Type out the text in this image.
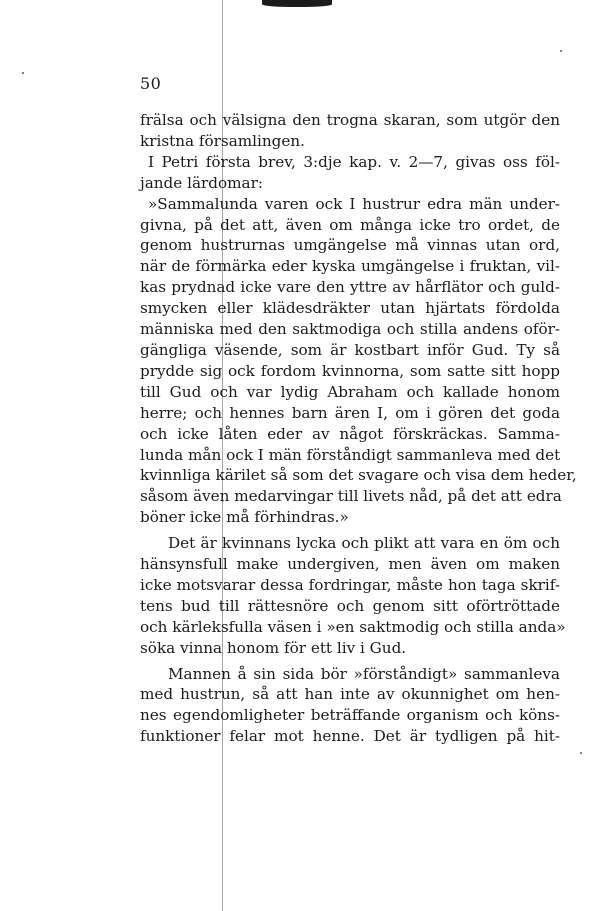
50

frälsa och välsigna den trogna skaran, som utgör den
kristna församlingen.

I Petri första brev, 3:dje kap. v. 2—7, givas oss föl-
jande lärdomar:

»Sammalunda varen ock I hustrur edra män under-
givna, på det att, även om många icke tro ordet, de
genom hustrurnas umgängelse må vinnas utan ord,
när de förmärka eder kyska umgängelse i fruktan, vil-
kas prydnad icke vare den yttre av hårflätor och guld-
smycken eller klädesdräkter utan hjärtats fördolda
människa med den saktmodiga och stilla andens oför-
gängliga väsende, som är kostbart inför Gud. Ty så
prydde sig ock fordom kvinnorna, som satte sitt hopp
till Gud och var lydig Abraham och kallade honom
herre; och hennes barn ären I, om i gören det goda
och icke låten eder av något förskräckas. Samma-
lunda mån ock I män förståndigt sammanleva med det
kvinnliga kärilet så som det svagare och visa dem heder,
såsom även medarvingar till livets nåd, på det att edra
böner icke må förhindras.»

Det är kvinnans lycka och plikt att vara en öm och
hänsynsfull make undergiven, men även om maken
icke motsvarar dessa fordringar, måste hon taga skrif-
tens bud till rättesnöre och genom sitt oförtröttade
och kärleksfulla väsen i »en saktmodig och stilla anda»
söka vinna honom för ett liv i Gud.

Mannen å sin sida bör »förståndigt» sammanleva
med hustrun, så att han inte av okunnighet om hen-
nes egendomligheter beträffande organism och köns-
funktioner felar mot henne. Det är tydligen på hit-
